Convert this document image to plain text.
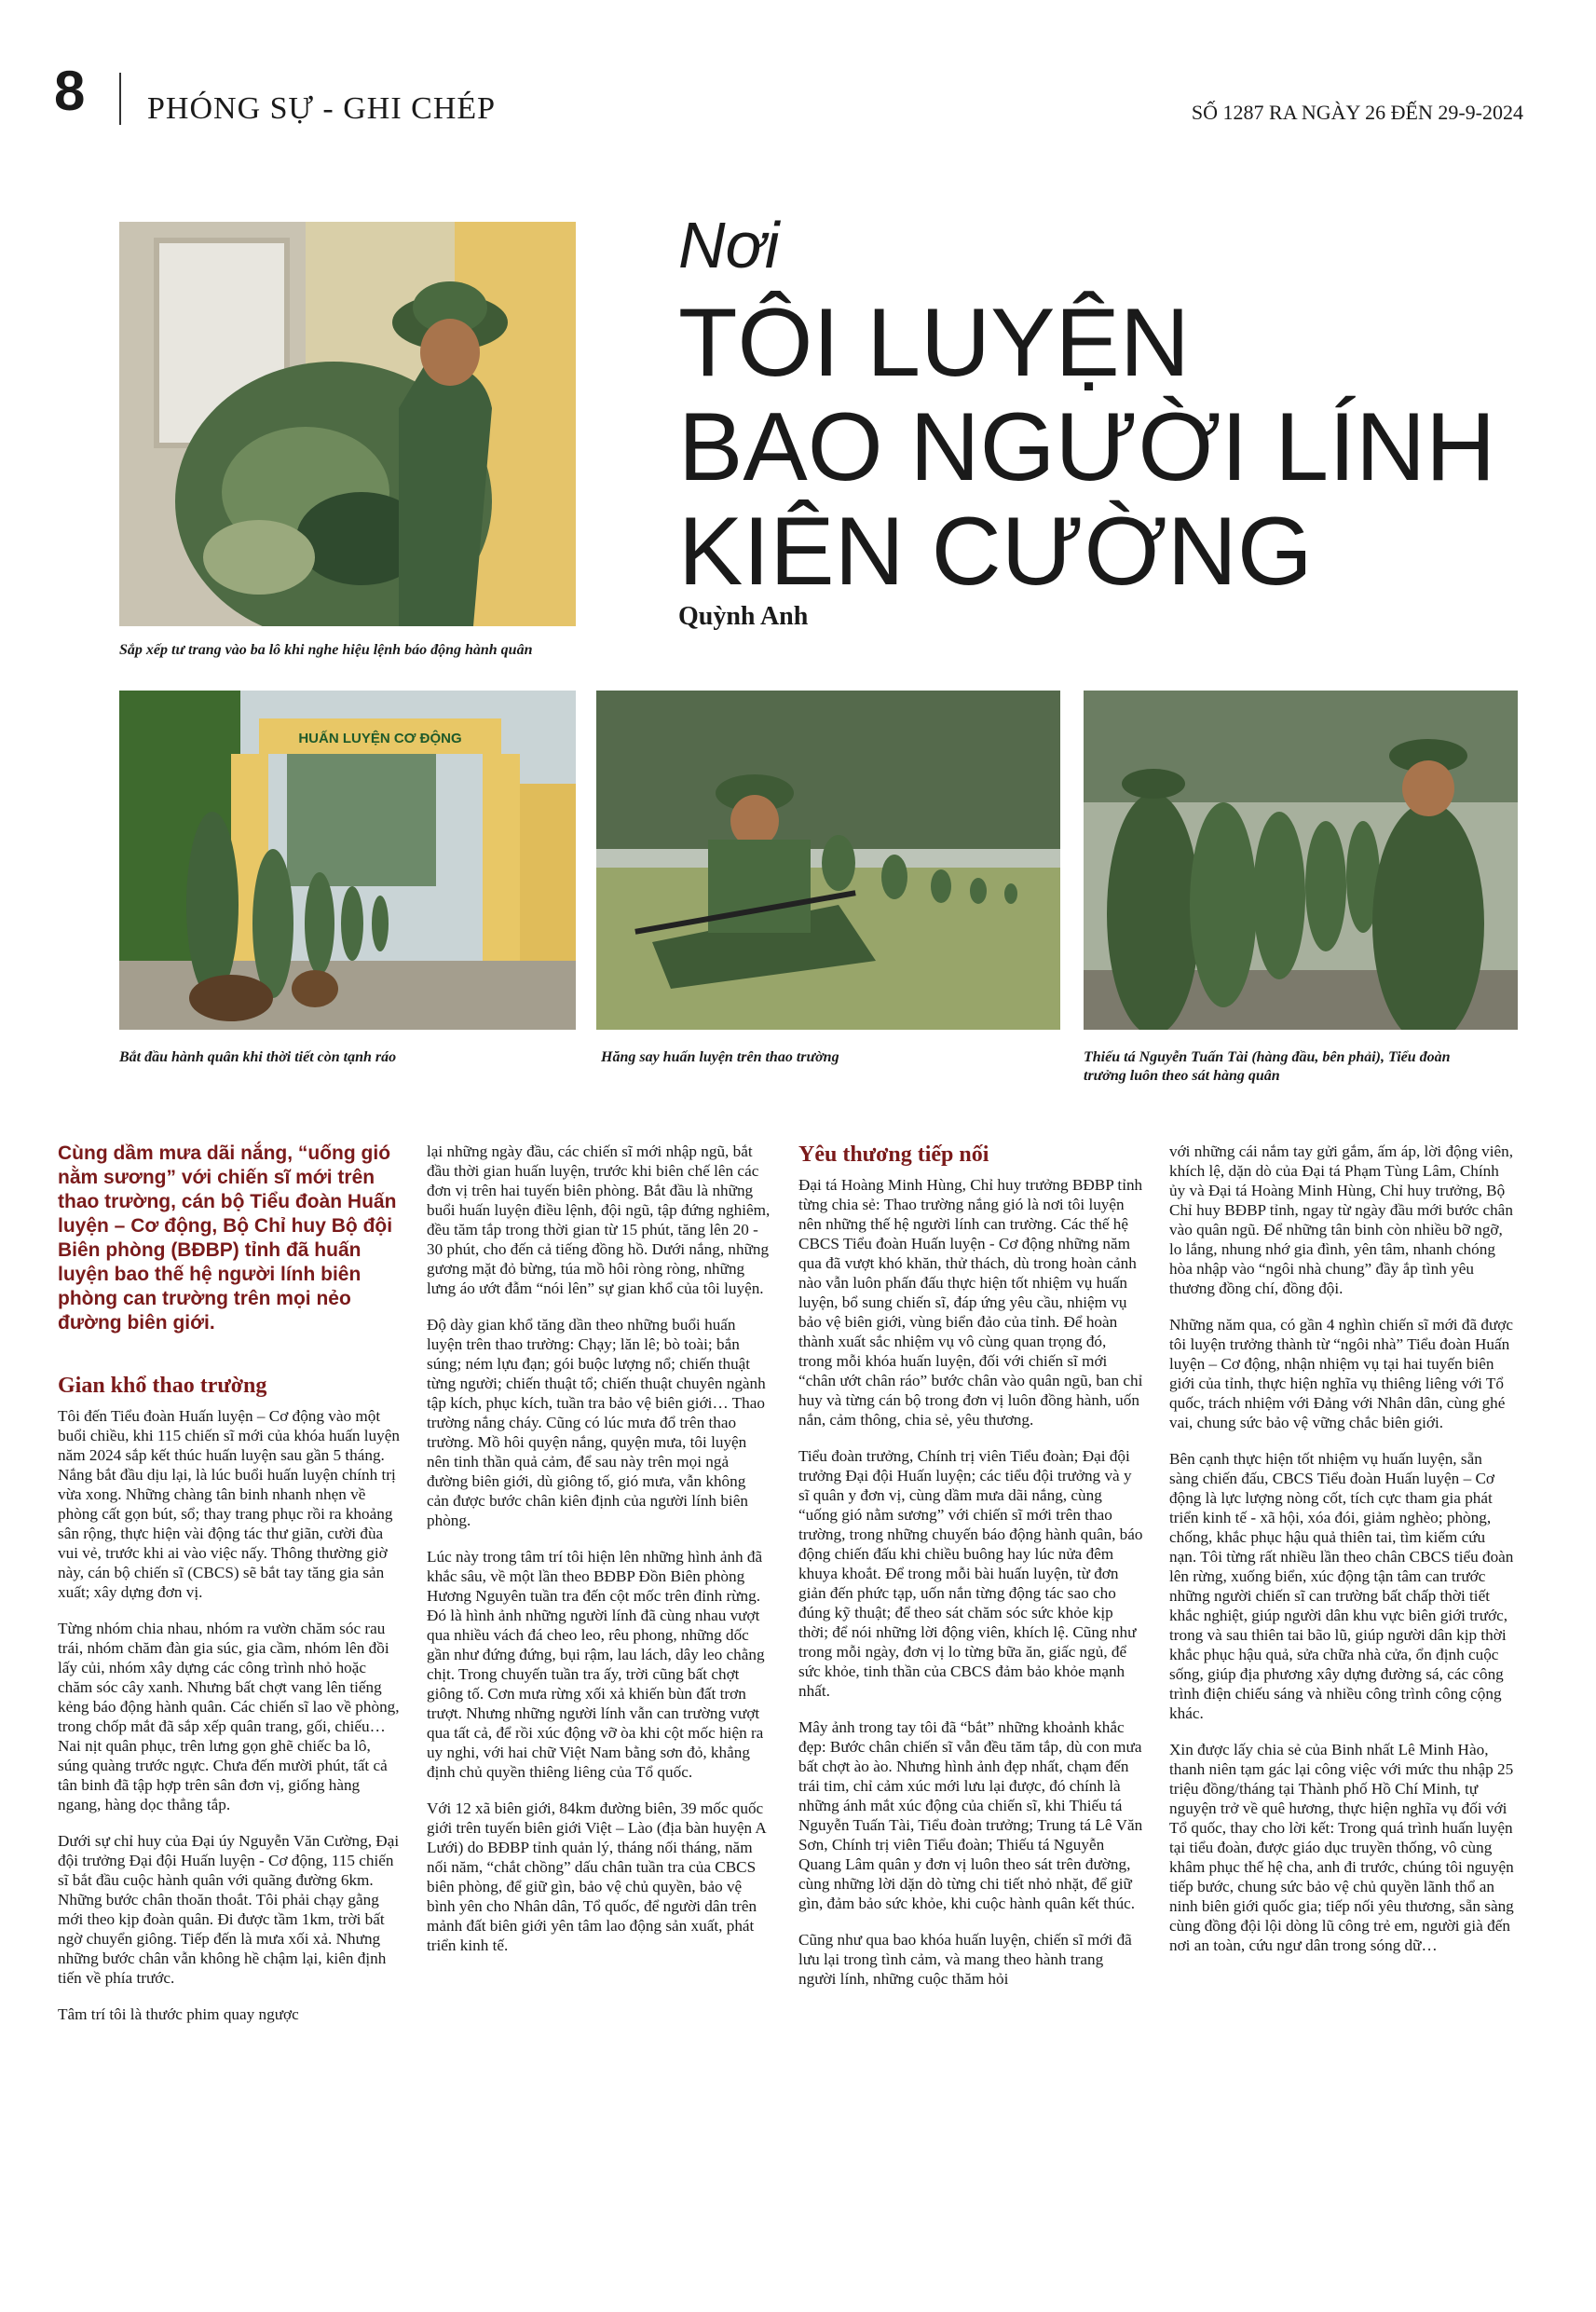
8 PHÓNG SỰ - GHI CHÉP	SỐ 1287 RA NGÀY 26 ĐẾN 29-9-2024
Sắp xếp tư trang vào ba lô khi nghe hiệu lệnh báo động hành quân
Nơi
TÔI LUYỆN
BAO NGƯỜI LÍNH
KIÊN CƯỜNG
Quỳnh Anh
HUẤN LUYỆN CƠ ĐỘNG
Bắt đầu hành quân khi thời tiết còn tạnh ráo	Hăng say huấn luyện trên thao trường	Thiếu tá Nguyễn Tuấn Tài (hàng đầu, bên phải), Tiểu đoàn trưởng luôn theo sát hàng quân

Cùng dầm mưa dãi nắng, “uống gió nằm sương” với chiến sĩ mới trên thao trường, cán bộ Tiểu đoàn Huấn luyện – Cơ động, Bộ Chỉ huy Bộ đội Biên phòng (BĐBP) tỉnh đã huấn luyện bao thế hệ người lính biên phòng can trường trên mọi nẻo đường biên giới.

Gian khổ thao trường

Tôi đến Tiểu đoàn Huấn luyện – Cơ động vào một buổi chiều, khi 115 chiến sĩ mới của khóa huấn luyện năm 2024 sắp kết thúc huấn luyện sau gần 5 tháng. Nắng bắt đầu dịu lại, là lúc buổi huấn luyện chính trị vừa xong. Những chàng tân binh nhanh nhẹn về phòng cất gọn bút, sổ; thay trang phục rồi ra khoảng sân rộng, thực hiện vài động tác thư giãn, cười đùa vui vẻ, trước khi ai vào việc nấy. Thông thường giờ này, cán bộ chiến sĩ (CBCS) sẽ bắt tay tăng gia sản xuất; xây dựng đơn vị.

Từng nhóm chia nhau, nhóm ra vườn chăm sóc rau trái, nhóm chăm đàn gia súc, gia cầm, nhóm lên đồi lấy củi, nhóm xây dựng các công trình nhỏ hoặc chăm sóc cây xanh. Nhưng bất chợt vang lên tiếng kẻng báo động hành quân. Các chiến sĩ lao về phòng, trong chốp mắt đã sắp xếp quân trang, gối, chiếu… Nai nịt quân phục, trên lưng gọn ghẽ chiếc ba lô, súng quàng trước ngực. Chưa đến mười phút, tất cả tân binh đã tập hợp trên sân đơn vị, giống hàng ngang, hàng dọc thẳng tắp.

Dưới sự chỉ huy của Đại úy Nguyễn Văn Cường, Đại đội trưởng Đại đội Huấn luyện - Cơ động, 115 chiến sĩ bắt đầu cuộc hành quân với quãng đường 6km. Những bước chân thoăn thoắt. Tôi phải chạy gằng mới theo kịp đoàn quân. Đi được tầm 1km, trời bất ngờ chuyển giông. Tiếp đến là mưa xối xả. Nhưng những bước chân vẫn không hề chậm lại, kiên định tiến về phía trước.

Tâm trí tôi là thước phim quay ngược

lại những ngày đầu, các chiến sĩ mới nhập ngũ, bắt đầu thời gian huấn luyện, trước khi biên chế lên các đơn vị trên hai tuyến biên phòng. Bắt đầu là những buổi huấn luyện điều lệnh, đội ngũ, tập đứng nghiêm, đều tăm tắp trong thời gian từ 15 phút, tăng lên 20 - 30 phút, cho đến cả tiếng đồng hồ. Dưới nắng, những gương mặt đỏ bừng, túa mồ hôi ròng ròng, những lưng áo ướt đẫm “nói lên” sự gian khổ của tôi luyện.

Độ dày gian khổ tăng dần theo những buổi huấn luyện trên thao trường: Chạy; lăn lê; bò toài; bắn súng; ném lựu đạn; gói buộc lượng nổ; chiến thuật từng người; chiến thuật tổ; chiến thuật chuyên ngành tập kích, phục kích, tuần tra bảo vệ biên giới… Thao trường nắng cháy. Cũng có lúc mưa đổ trên thao trường. Mồ hôi quyện nắng, quyện mưa, tôi luyện nên tinh thần quả cảm, để sau này trên mọi ngả đường biên giới, dù giông tố, gió mưa, vẫn không cản được bước chân kiên định của người lính biên phòng.

Lúc này trong tâm trí tôi hiện lên những hình ảnh đã khắc sâu, về một lần theo BĐBP Đồn Biên phòng Hương Nguyên tuần tra đến cột mốc trên đỉnh rừng. Đó là hình ảnh những người lính đã cùng nhau vượt qua nhiều vách đá cheo leo, rêu phong, những dốc gần như đứng đứng, bụi rậm, lau lách, dây leo chằng chịt. Trong chuyến tuần tra ấy, trời cũng bất chợt giông tố. Cơn mưa rừng xối xả khiến bùn đất trơn trượt. Nhưng những người lính vẫn can trường vượt qua tất cả, để rồi xúc động vỡ òa khi cột mốc hiện ra uy nghi, với hai chữ Việt Nam bằng sơn đỏ, khẳng định chủ quyền thiêng liêng của Tổ quốc.

Với 12 xã biên giới, 84km đường biên, 39 mốc quốc giới trên tuyến biên giới Việt – Lào (địa bàn huyện A Lưới) do BĐBP tỉnh quản lý, tháng nối tháng, năm nối năm, “chắt chồng” dấu chân tuần tra của CBCS biên phòng, để giữ gìn, bảo vệ chủ quyền, bảo vệ bình yên cho Nhân dân, Tổ quốc, để người dân trên mảnh đất biên giới yên tâm lao động sản xuất, phát triển kinh tế.

Yêu thương tiếp nối

Đại tá Hoàng Minh Hùng, Chỉ huy trưởng BĐBP tỉnh từng chia sẻ: Thao trường nắng gió là nơi tôi luyện nên những thế hệ người lính can trường. Các thế hệ CBCS Tiểu đoàn Huấn luyện - Cơ động những năm qua đã vượt khó khăn, thử thách, dù trong hoàn cảnh nào vẫn luôn phấn đấu thực hiện tốt nhiệm vụ huấn luyện, bổ sung chiến sĩ, đáp ứng yêu cầu, nhiệm vụ bảo vệ biên giới, vùng biển đảo của tỉnh. Để hoàn thành xuất sắc nhiệm vụ vô cùng quan trọng đó, trong mỗi khóa huấn luyện, đối với chiến sĩ mới “chân ướt chân ráo” bước chân vào quân ngũ, ban chỉ huy và từng cán bộ trong đơn vị luôn đồng hành, uốn nắn, cảm thông, chia sẻ, yêu thương.

Tiểu đoàn trưởng, Chính trị viên Tiểu đoàn; Đại đội trưởng Đại đội Huấn luyện; các tiểu đội trưởng và y sĩ quân y đơn vị, cùng dầm mưa dãi nắng, cùng “uống gió nằm sương” với chiến sĩ mới trên thao trường, trong những chuyến báo động hành quân, báo động chiến đấu khi chiều buông hay lúc nửa đêm khuya khoắt. Để trong mỗi bài huấn luyện, từ đơn giản đến phức tạp, uốn nắn từng động tác sao cho đúng kỹ thuật; để theo sát chăm sóc sức khỏe kịp thời; để nói những lời động viên, khích lệ. Cũng như trong mỗi ngày, đơn vị lo từng bữa ăn, giấc ngủ, để sức khỏe, tinh thần của CBCS đảm bảo khỏe mạnh nhất.

Mây ảnh trong tay tôi đã “bắt” những khoảnh khắc đẹp: Bước chân chiến sĩ vẫn đều tăm tắp, dù con mưa bất chợt ào ào. Nhưng hình ảnh đẹp nhất, chạm đến trái tim, chỉ cảm xúc mới lưu lại được, đó chính là những ánh mắt xúc động của chiến sĩ, khi Thiếu tá Nguyễn Tuấn Tài, Tiểu đoàn trưởng; Trung tá Lê Văn Sơn, Chính trị viên Tiểu đoàn; Thiếu tá Nguyễn Quang Lâm quân y đơn vị luôn theo sát trên đường, cùng những lời dặn dò từng chi tiết nhỏ nhặt, để giữ gìn, đảm bảo sức khỏe, khi cuộc hành quân kết thúc.

Cũng như qua bao khóa huấn luyện, chiến sĩ mới đã lưu lại trong tình cảm, và mang theo hành trang người lính, những cuộc thăm hỏi

với những cái nắm tay gửi gắm, ấm áp, lời động viên, khích lệ, dặn dò của Đại tá Phạm Tùng Lâm, Chính ủy và Đại tá Hoàng Minh Hùng, Chỉ huy trưởng, Bộ Chỉ huy BĐBP tỉnh, ngay từ ngày đầu mới bước chân vào quân ngũ. Để những tân binh còn nhiều bỡ ngỡ, lo lắng, nhung nhớ gia đình, yên tâm, nhanh chóng hòa nhập vào “ngôi nhà chung” đầy ắp tình yêu thương đồng chí, đồng đội.

Những năm qua, có gần 4 nghìn chiến sĩ mới đã được tôi luyện trưởng thành từ “ngôi nhà” Tiểu đoàn Huấn luyện – Cơ động, nhận nhiệm vụ tại hai tuyến biên giới của tỉnh, thực hiện nghĩa vụ thiêng liêng với Tổ quốc, trách nhiệm với Đảng với Nhân dân, cùng ghé vai, chung sức bảo vệ vững chắc biên giới.

Bên cạnh thực hiện tốt nhiệm vụ huấn luyện, sẵn sàng chiến đấu, CBCS Tiểu đoàn Huấn luyện – Cơ động là lực lượng nòng cốt, tích cực tham gia phát triển kinh tế - xã hội, xóa đói, giảm nghèo; phòng, chống, khắc phục hậu quả thiên tai, tìm kiếm cứu nạn. Tôi từng rất nhiều lần theo chân CBCS tiểu đoàn lên rừng, xuống biển, xúc động tận tâm can trước những người chiến sĩ can trường bất chấp thời tiết khắc nghiệt, giúp người dân khu vực biên giới trước, trong và sau thiên tai bão lũ, giúp người dân kịp thời khắc phục hậu quả, sửa chữa nhà cửa, ổn định cuộc sống, giúp địa phương xây dựng đường sá, các công trình điện chiếu sáng và nhiều công trình công cộng khác.

Xin được lấy chia sẻ của Binh nhất Lê Minh Hào, thanh niên tạm gác lại công việc với mức thu nhập 25 triệu đồng/tháng tại Thành phố Hồ Chí Minh, tự nguyện trở về quê hương, thực hiện nghĩa vụ đối với Tổ quốc, thay cho lời kết: Trong quá trình huấn luyện tại tiểu đoàn, được giáo dục truyền thống, vô cùng khâm phục thế hệ cha, anh đi trước, chúng tôi nguyện tiếp bước, chung sức bảo vệ chủ quyền lãnh thổ an ninh biên giới quốc gia; tiếp nối yêu thương, sẵn sàng cùng đồng đội lội dòng lũ công trẻ em, người già đến nơi an toàn, cứu ngư dân trong sóng dữ…
